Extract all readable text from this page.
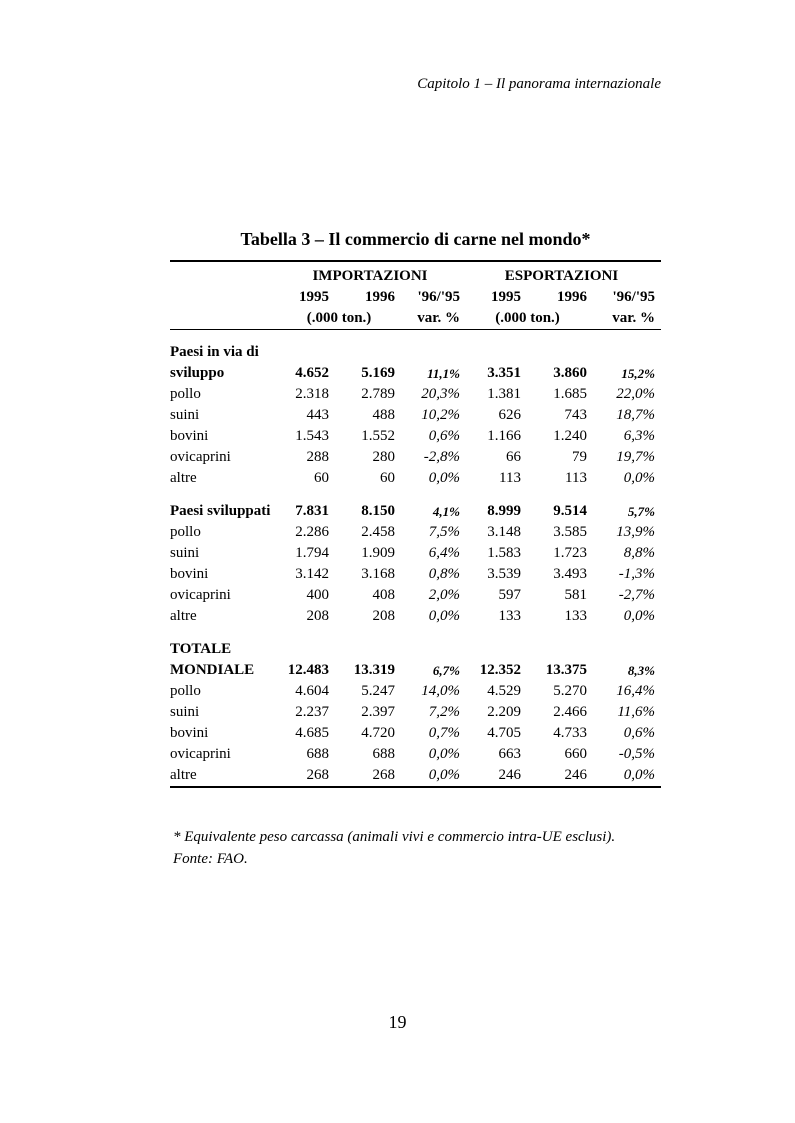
Capitolo 1 – Il panorama internazionale
Tabella 3 – Il commercio di carne nel mondo*

	IMPORTAZIONI			ESPORTAZIONI		
	1995	1996	'96/'95	1995	1996	'96/'95
	(.000 ton.)		var. %	(.000 ton.)		var. %

Paesi in via di sviluppo	4.652	5.169	11,1%	3.351	3.860	15,2%
pollo	2.318	2.789	20,3%	1.381	1.685	22,0%
suini	443	488	10,2%	626	743	18,7%
bovini	1.543	1.552	0,6%	1.166	1.240	6,3%
ovicaprini	288	280	-2,8%	66	79	19,7%
altre	60	60	0,0%	113	113	0,0%

Paesi sviluppati	7.831	8.150	4,1%	8.999	9.514	5,7%
pollo	2.286	2.458	7,5%	3.148	3.585	13,9%
suini	1.794	1.909	6,4%	1.583	1.723	8,8%
bovini	3.142	3.168	0,8%	3.539	3.493	-1,3%
ovicaprini	400	408	2,0%	597	581	-2,7%
altre	208	208	0,0%	133	133	0,0%

TOTALE MONDIALE	12.483	13.319	6,7%	12.352	13.375	8,3%
pollo	4.604	5.247	14,0%	4.529	5.270	16,4%
suini	2.237	2.397	7,2%	2.209	2.466	11,6%
bovini	4.685	4.720	0,7%	4.705	4.733	0,6%
ovicaprini	688	688	0,0%	663	660	-0,5%
altre	268	268	0,0%	246	246	0,0%

* Equivalente peso carcassa (animali vivi e commercio intra-UE esclusi).
Fonte: FAO.
19
